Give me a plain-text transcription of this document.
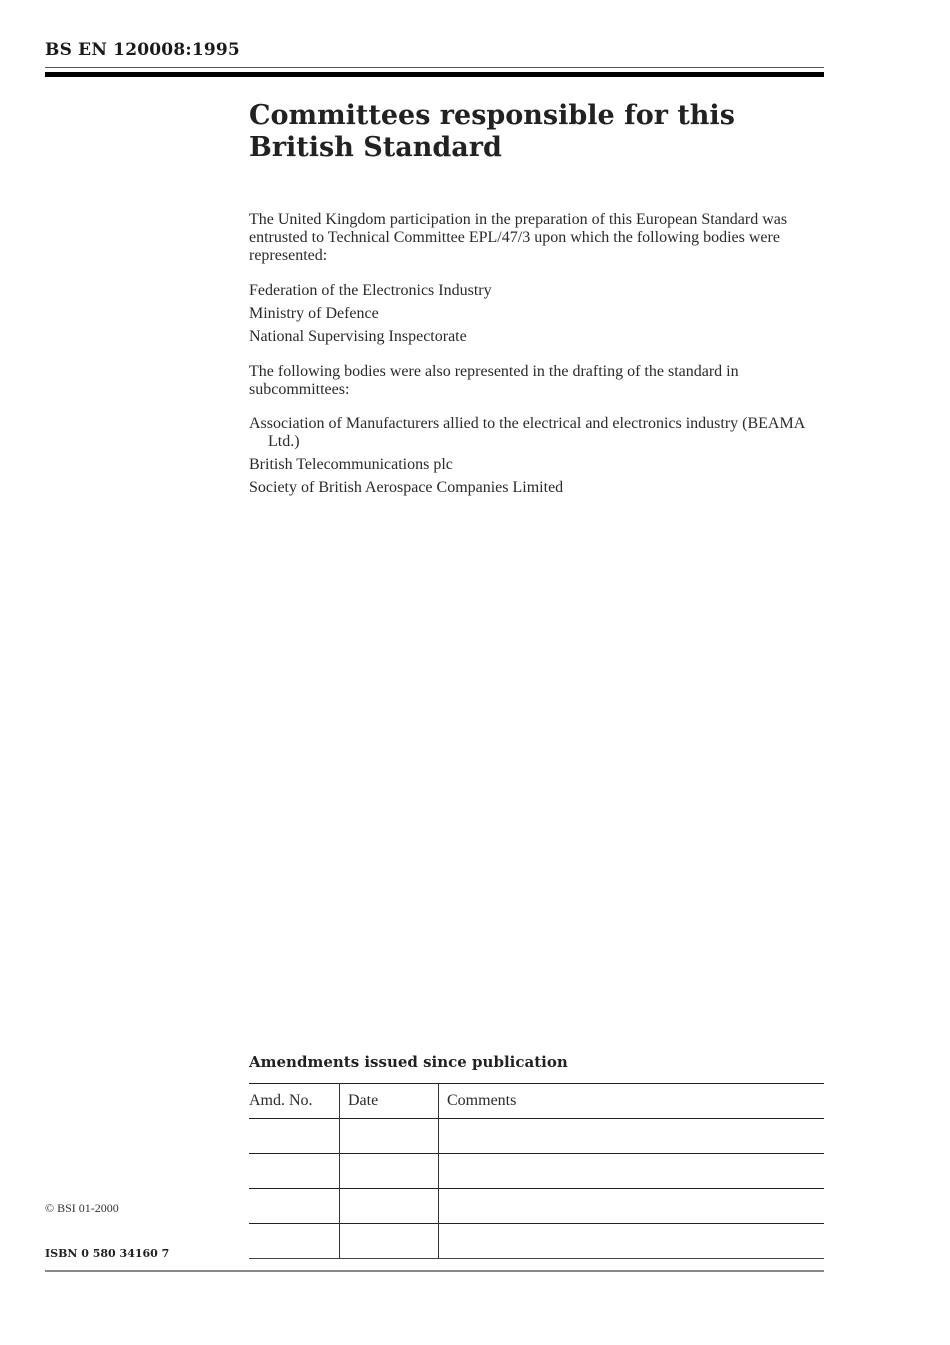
BS EN 120008:1995
Committees responsible for this
British Standard
The United Kingdom participation in the preparation of this European Standard was entrusted to Technical Committee EPL/47/3 upon which the following bodies were represented:
Federation of the Electronics Industry
Ministry of Defence
National Supervising Inspectorate
The following bodies were also represented in the drafting of the standard in subcommittees:
Association of Manufacturers allied to the electrical and electronics industry (BEAMA Ltd.)
British Telecommunications plc
Society of British Aerospace Companies Limited
Amendments issued since publication
Amd. No.	Date	Comments

© BSI 01-2000
ISBN 0 580 34160 7
